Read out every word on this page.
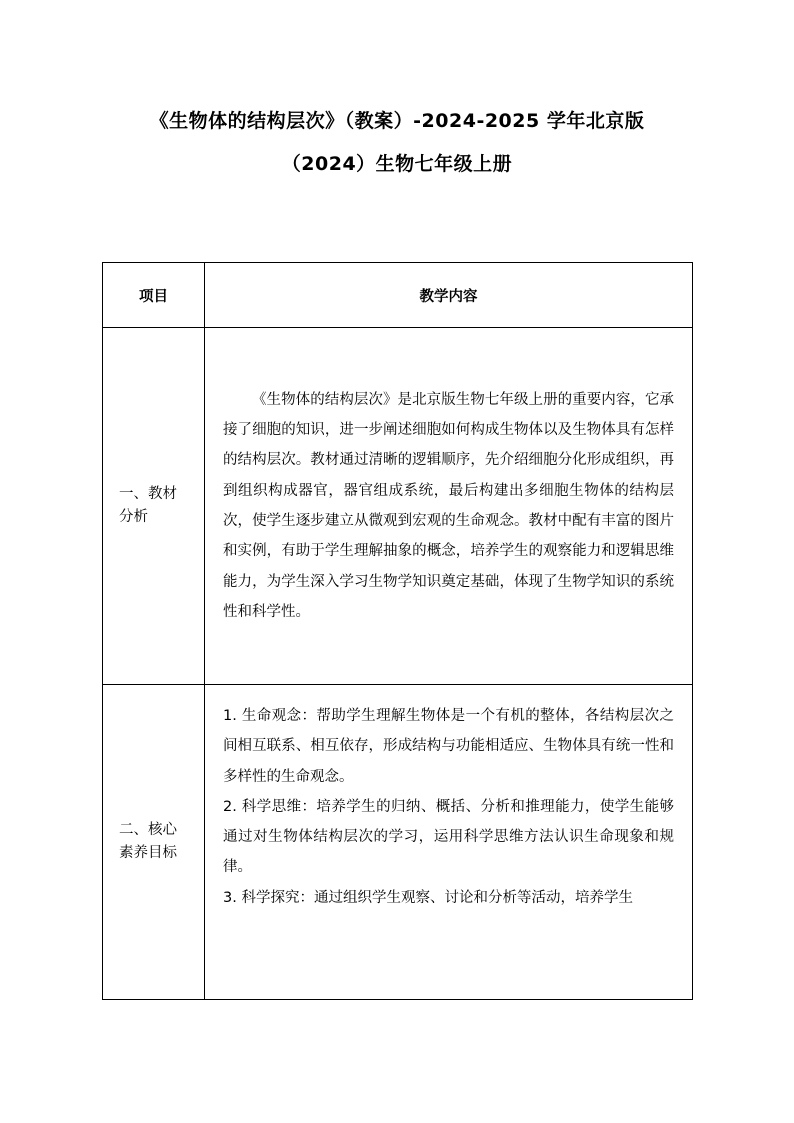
《生物体的结构层次》（教案）-2024-2025 学年北京版
（2024）生物七年级上册
项目	教学内容
一、教材分析	《生物体的结构层次》是北京版生物七年级上册的重要内容，它承接了细胞的知识，进一步阐述细胞如何构成生物体以及生物体具有怎样的结构层次。教材通过清晰的逻辑顺序，先介绍细胞分化形成组织，再到组织构成器官，器官组成系统，最后构建出多细胞生物体的结构层次，使学生逐步建立从微观到宏观的生命观念。教材中配有丰富的图片和实例，有助于学生理解抽象的概念，培养学生的观察能力和逻辑思维能力，为学生深入学习生物学知识奠定基础，体现了生物学知识的系统性和科学性。

二、核心素养目标	1. 生命观念：帮助学生理解生物体是一个有机的整体，各结构层次之间相互联系、相互依存，形成结构与功能相适应、生物体具有统一性和多样性的生命观念。

2. 科学思维：培养学生的归纳、概括、分析和推理能力，使学生能够通过对生物体结构层次的学习，运用科学思维方法认识生命现象和规律。

3. 科学探究：通过组织学生观察、讨论和分析等活动，培养学生
